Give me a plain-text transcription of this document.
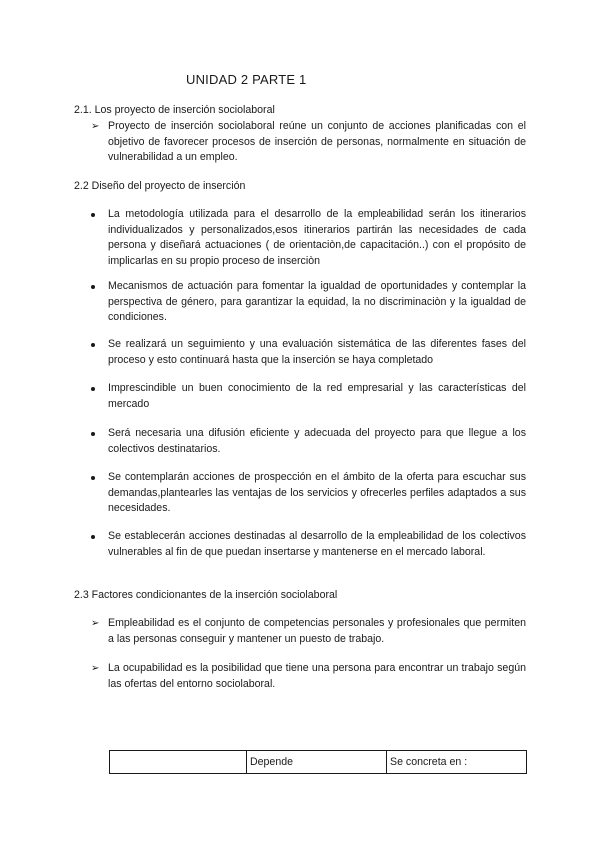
UNIDAD 2 PARTE 1
2.1. Los proyecto de inserción sociolaboral
➢ Proyecto de inserción sociolaboral reúne un conjunto de acciones planificadas con el objetivo de favorecer procesos de inserción de personas, normalmente en situación de vulnerabilidad a un empleo.

2.2 Diseño del proyecto de inserción

La metodología utilizada para el desarrollo de la empleabilidad serán los itinerarios individualizados y personalizados,esos itinerarios partirán las necesidades de cada persona y diseñará actuaciones ( de orientaciòn,de capacitación..) con el propósito de implicarlas en su propio proceso de inserciòn

Mecanismos de actuación para fomentar la igualdad de oportunidades y contemplar la perspectiva de género, para garantizar la equidad, la no discriminaciòn y la igualdad de condiciones.

Se realizará un seguimiento y una evaluación sistemática de las diferentes fases del proceso y esto continuará hasta que la inserción se haya completado

Imprescindible un buen conocimiento de la red empresarial y las características del mercado

Será necesaria una difusión eficiente y adecuada del proyecto para que llegue a los colectivos destinatarios.

Se contemplarán acciones de prospección en el ámbito de la oferta para escuchar sus demandas,plantearles las ventajas de los servicios y ofrecerles perfiles adaptados a sus necesidades.

Se establecerán acciones destinadas al desarrollo de la empleabilidad de los colectivos vulnerables al fin de que puedan insertarse y mantenerse en el mercado laboral.

2.3 Factores condicionantes de la inserción sociolaboral
➢ Empleabilidad es el conjunto de competencias personales y profesionales que permiten a las personas conseguir y mantener un puesto de trabajo.

➢ La ocupabilidad es la posibilidad que tiene una persona para encontrar un trabajo según las ofertas del entorno sociolaboral.

	Depende	Se concreta en :
